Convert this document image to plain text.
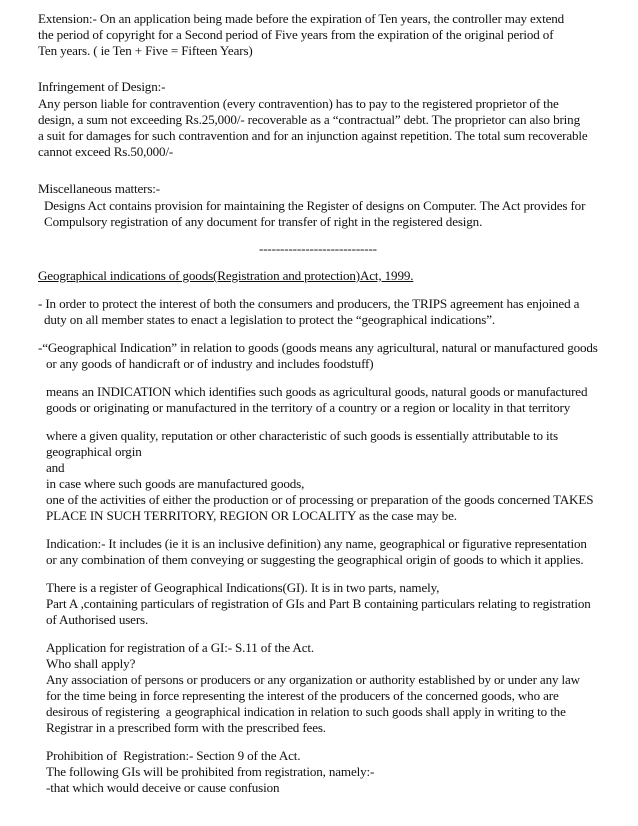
Extension:- On an application being made before the expiration of Ten years, the controller may extend
the period of copyright for a Second period of Five years from the expiration of the original period of
Ten years. ( ie Ten + Five = Fifteen Years)
Infringement of Design:-
Any person liable for contravention (every contravention) has to pay to the registered proprietor of the
design, a sum not exceeding Rs.25,000/- recoverable as a “contractual” debt. The proprietor can also bring
a suit for damages for such contravention and for an injunction against repetition. The total sum recoverable
cannot exceed Rs.50,000/-
Miscellaneous matters:-
Designs Act contains provision for maintaining the Register of designs on Computer. The Act provides for
Compulsory registration of any document for transfer of right in the registered design.
----------------------------
Geographical indications of goods(Registration and protection)Act, 1999.
- In order to protect the interest of both the consumers and producers, the TRIPS agreement has enjoined a
duty on all member states to enact a legislation to protect the “geographical indications”.
-“Geographical Indication” in relation to goods (goods means any agricultural, natural or manufactured goods
or any goods of handicraft or of industry and includes foodstuff)
means an INDICATION which identifies such goods as agricultural goods, natural goods or manufactured
goods or originating or manufactured in the territory of a country or a region or locality in that territory
where a given quality, reputation or other characteristic of such goods is essentially attributable to its
geographical orgin
and
in case where such goods are manufactured goods,
one of the activities of either the production or of processing or preparation of the goods concerned TAKES
PLACE IN SUCH TERRITORY, REGION OR LOCALITY as the case may be.
Indication:- It includes (ie it is an inclusive definition) any name, geographical or figurative representation
or any combination of them conveying or suggesting the geographical origin of goods to which it applies.
There is a register of Geographical Indications(GI). It is in two parts, namely,
Part A ,containing particulars of registration of GIs and Part B containing particulars relating to registration
of Authorised users.
Application for registration of a GI:- S.11 of the Act.
Who shall apply?
Any association of persons or producers or any organization or authority established by or under any law
for the time being in force representing the interest of the producers of the concerned goods, who are
desirous of registering  a geographical indication in relation to such goods shall apply in writing to the
Registrar in a prescribed form with the prescribed fees.
Prohibition of  Registration:- Section 9 of the Act.
The following GIs will be prohibited from registration, namely:-
-that which would deceive or cause confusion
